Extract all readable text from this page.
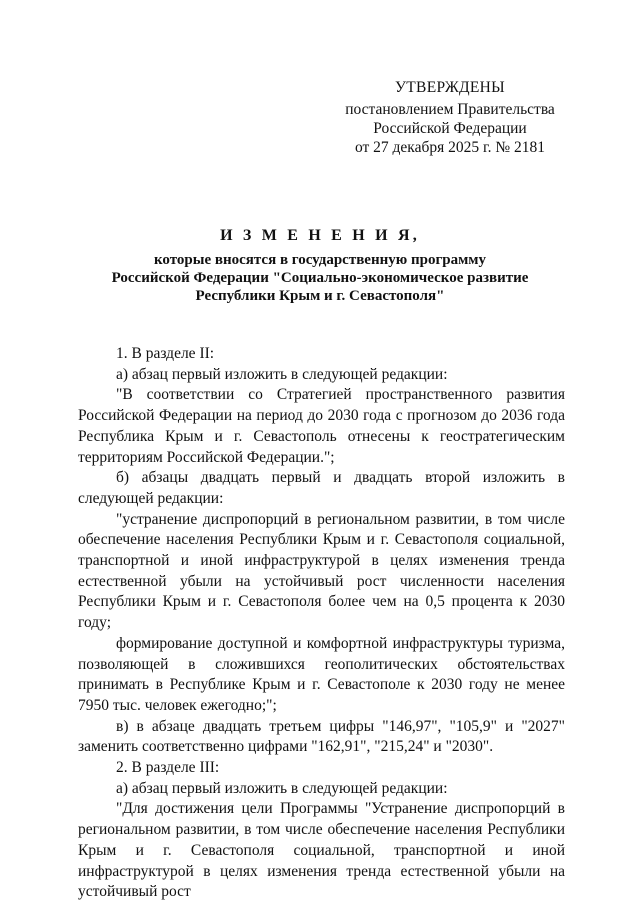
УТВЕРЖДЕНЫ
постановлением Правительства
Российской Федерации
от 27 декабря 2025 г. № 2181
И З М Е Н Е Н И Я,
которые вносятся в государственную программу
Российской Федерации "Социально-экономическое развитие
Республики Крым и г. Севастополя"

1. В разделе II:

а) абзац первый изложить в следующей редакции:

"В соответствии со Стратегией пространственного развития Российской Федерации на период до 2030 года с прогнозом до 2036 года Республика Крым и г. Севастополь отнесены к геостратегическим территориям Российской Федерации.";

б) абзацы двадцать первый и двадцать второй изложить в следующей редакции:

"устранение диспропорций в региональном развитии, в том числе обеспечение населения Республики Крым и г. Севастополя социальной, транспортной и иной инфраструктурой в целях изменения тренда естественной убыли на устойчивый рост численности населения Республики Крым и г. Севастополя более чем на 0,5 процента к 2030 году;

формирование доступной и комфортной инфраструктуры туризма, позволяющей в сложившихся геополитических обстоятельствах принимать в Республике Крым и г. Севастополе к 2030 году не менее 7950 тыс. человек ежегодно;";

в) в абзаце двадцать третьем цифры "146,97", "105,9" и "2027" заменить соответственно цифрами "162,91", "215,24" и "2030".

2. В разделе III:

а) абзац первый изложить в следующей редакции:

"Для достижения цели Программы "Устранение диспропорций в региональном развитии, в том числе обеспечение населения Республики Крым и г. Севастополя социальной, транспортной и иной инфраструктурой в целях изменения тренда естественной убыли на устойчивый рост
